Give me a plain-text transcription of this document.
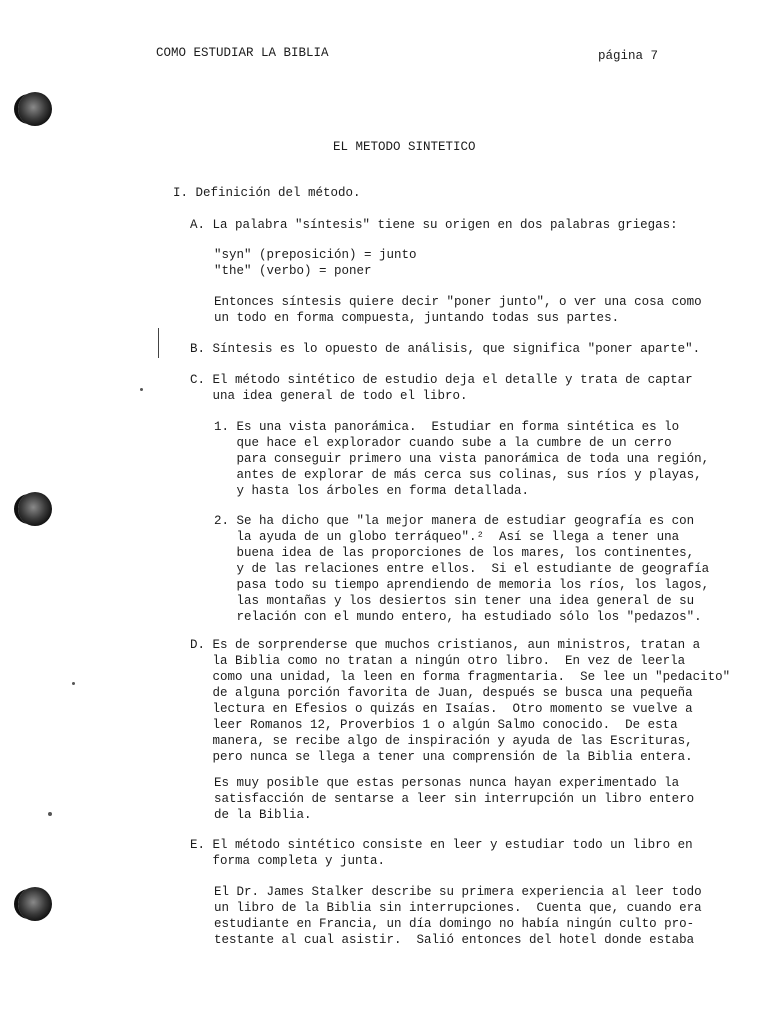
COMO ESTUDIAR LA BIBLIA	página 7
EL METODO SINTETICO
I. Definición del método.
A. La palabra "síntesis" tiene su origen en dos palabras griegas:
"syn" (preposición) = junto
"the" (verbo) = poner
Entonces síntesis quiere decir "poner junto", o ver una cosa como
un todo en forma compuesta, juntando todas sus partes.
B. Síntesis es lo opuesto de análisis, que significa "poner aparte".
C. El método sintético de estudio deja el detalle y trata de captar
una idea general de todo el libro.
1. Es una vista panorámica.  Estudiar en forma sintética es lo
que hace el explorador cuando sube a la cumbre de un cerro
para conseguir primero una vista panorámica de toda una región,
antes de explorar de más cerca sus colinas, sus ríos y playas,
y hasta los árboles en forma detallada.
2. Se ha dicho que "la mejor manera de estudiar geografía es con
la ayuda de un globo terráqueo".²  Así se llega a tener una
buena idea de las proporciones de los mares, los continentes,
y de las relaciones entre ellos.  Si el estudiante de geografía
pasa todo su tiempo aprendiendo de memoria los ríos, los lagos,
las montañas y los desiertos sin tener una idea general de su
relación con el mundo entero, ha estudiado sólo los "pedazos".
D. Es de sorprenderse que muchos cristianos, aun ministros, tratan a
la Biblia como no tratan a ningún otro libro.  En vez de leerla
como una unidad, la leen en forma fragmentaria.  Se lee un "pedacito"
de alguna porción favorita de Juan, después se busca una pequeña
lectura en Efesios o quizás en Isaías.  Otro momento se vuelve a
leer Romanos 12, Proverbios 1 o algún Salmo conocido.  De esta
manera, se recibe algo de inspiración y ayuda de las Escrituras,
pero nunca se llega a tener una comprensión de la Biblia entera.
Es muy posible que estas personas nunca hayan experimentado la
satisfacción de sentarse a leer sin interrupción un libro entero
de la Biblia.
E. El método sintético consiste en leer y estudiar todo un libro en
forma completa y junta.
El Dr. James Stalker describe su primera experiencia al leer todo
un libro de la Biblia sin interrupciones.  Cuenta que, cuando era
estudiante en Francia, un día domingo no había ningún culto pro-
testante al cual asistir.  Salió entonces del hotel donde estaba
